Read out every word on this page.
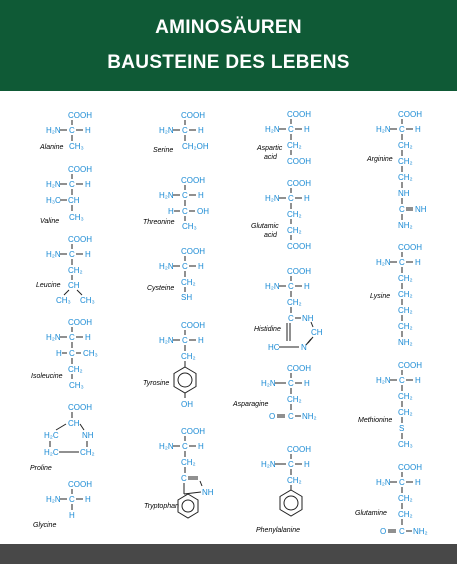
AMINOSÄUREN
BAUSTEINE DES LEBENS
COOH
H₂N C H
CH₃
Alanine
COOH
H₂N C H
H₃C CH
CH₃
Valine
COOH
H₂N C H
CH₂
CH
CH₃ CH₃
Leucine
COOH
H₂N C H
H C CH₃
CH₂
CH₃
Isoleucine
COOH
CH
H₂C	NH
H₂C	CH₂
Proline
COOH
H₂N C H
H
Glycine
COOH
H₂N C H
CH₂OH
Serine
COOH
H₂N C H
H C OH
CH₃
Threonine
COOH
H₂N C H
CH₂
SH
Cysteine
COOH
H₂N C H
CH₂
OH
Tyrosine
COOH
H₂N C H
CH₂
C
NH
Tryptophan
COOH
H₂N C H
CH₂
COOH
Aspartic
acid
COOH
H₂N C H
CH₂
CH₂
COOH
Glutamic
acid
COOH
H₂N C H
CH₂
C NH
CH
N
HC
Histidine
COOH
H₂N C H
CH₂
O C NH₂
Asparagine
COOH
H₂N C H
CH₂
Phenylalanine
COOH
H₂N C H
CH₂
CH₂
CH₂
NH
C NH
NH₂
Arginine
COOH
H₂N C H
CH₂
CH₂
CH₂
CH₂
NH₂
Lysine
COOH
H₂N C H
CH₂
CH₂
S
CH₃
Methionine
COOH
H₂N C H
CH₂
CH₂
O C NH₂
Glutamine
